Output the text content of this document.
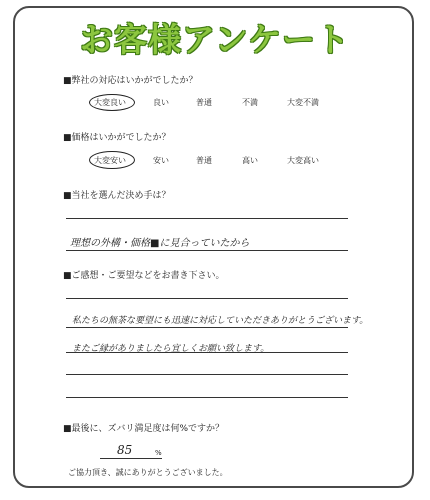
お客様アンケート
■弊社の対応はいかがでしたか？
大変良い	良い	普通	不満	大変不満
■価格はいかがでしたか？
大変安い	安い	普通	高い	大変高い
■当社を選んだ決め手は？
理想の外構・価格■に見合っていたから
■ご感想・ご要望などをお書き下さい。
私たちの無茶な要望にも迅速に対応していただきありがとうございます。
またご縁がありましたら宜しくお願い致します。
■最後に、ズバリ満足度は何%ですか？
85	%
ご協力頂き、誠にありがとうございました。
